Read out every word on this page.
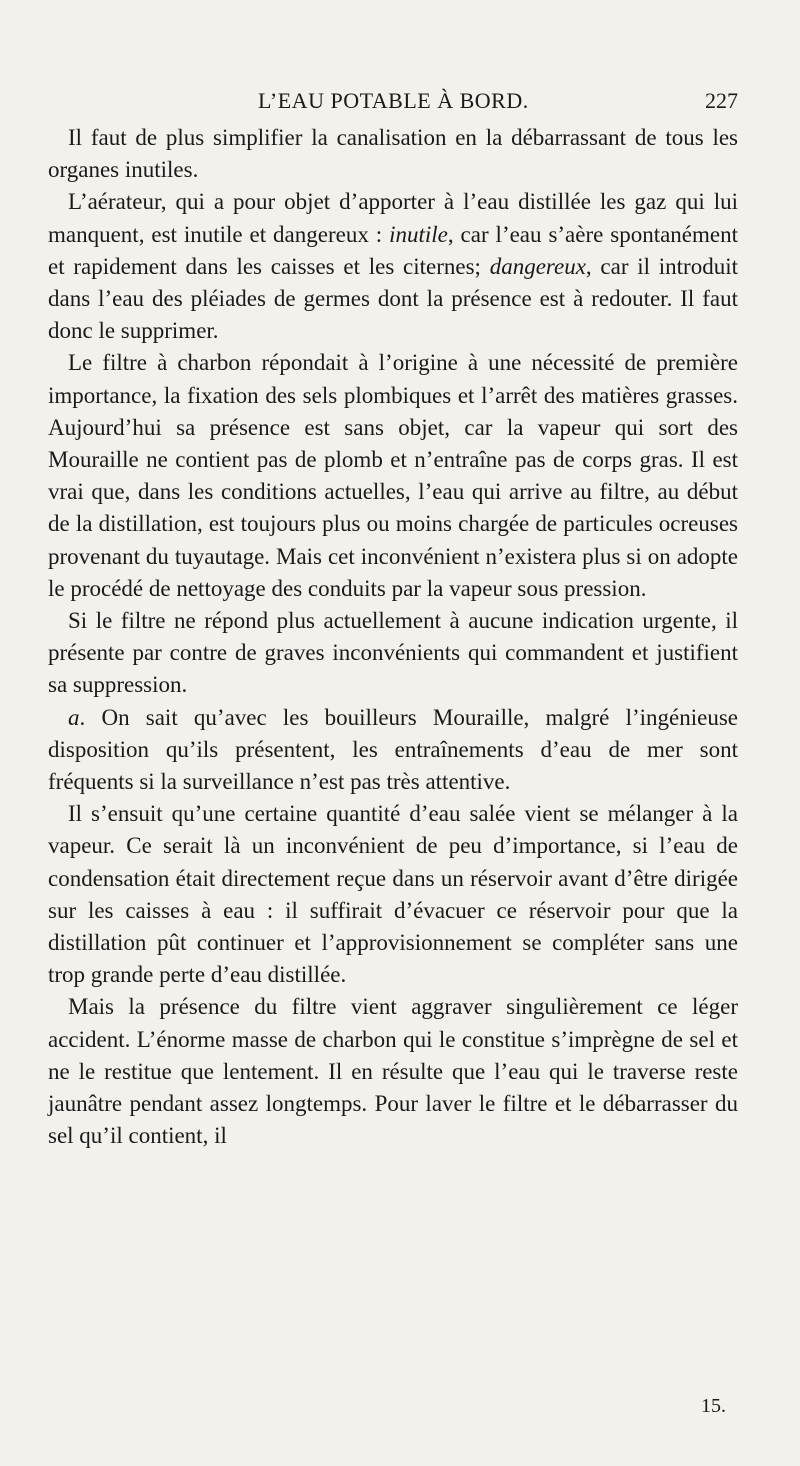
L’EAU POTABLE À BORD.	227

Il faut de plus simplifier la canalisation en la débarrassant de tous les organes inutiles.

L’aérateur, qui a pour objet d’apporter à l’eau distillée les gaz qui lui manquent, est inutile et dangereux : inutile, car l’eau s’aère spontanément et rapidement dans les caisses et les citernes; dangereux, car il introduit dans l’eau des pléiades de germes dont la présence est à redouter. Il faut donc le supprimer.

Le filtre à charbon répondait à l’origine à une nécessité de première importance, la fixation des sels plombiques et l’arrêt des matières grasses. Aujourd’hui sa présence est sans objet, car la vapeur qui sort des Mouraille ne contient pas de plomb et n’entraîne pas de corps gras. Il est vrai que, dans les conditions actuelles, l’eau qui arrive au filtre, au début de la distillation, est toujours plus ou moins chargée de particules ocreuses provenant du tuyautage. Mais cet inconvénient n’existera plus si on adopte le procédé de nettoyage des conduits par la vapeur sous pression.

Si le filtre ne répond plus actuellement à aucune indication urgente, il présente par contre de graves inconvénients qui commandent et justifient sa suppression.

a. On sait qu’avec les bouilleurs Mouraille, malgré l’ingénieuse disposition qu’ils présentent, les entraînements d’eau de mer sont fréquents si la surveillance n’est pas très attentive.

Il s’ensuit qu’une certaine quantité d’eau salée vient se mélanger à la vapeur. Ce serait là un inconvénient de peu d’importance, si l’eau de condensation était directement reçue dans un réservoir avant d’être dirigée sur les caisses à eau : il suffirait d’évacuer ce réservoir pour que la distillation pût continuer et l’approvisionnement se compléter sans une trop grande perte d’eau distillée.

Mais la présence du filtre vient aggraver singulièrement ce léger accident. L’énorme masse de charbon qui le constitue s’imprègne de sel et ne le restitue que lentement. Il en résulte que l’eau qui le traverse reste jaunâtre pendant assez longtemps. Pour laver le filtre et le débarrasser du sel qu’il contient, il

15.
